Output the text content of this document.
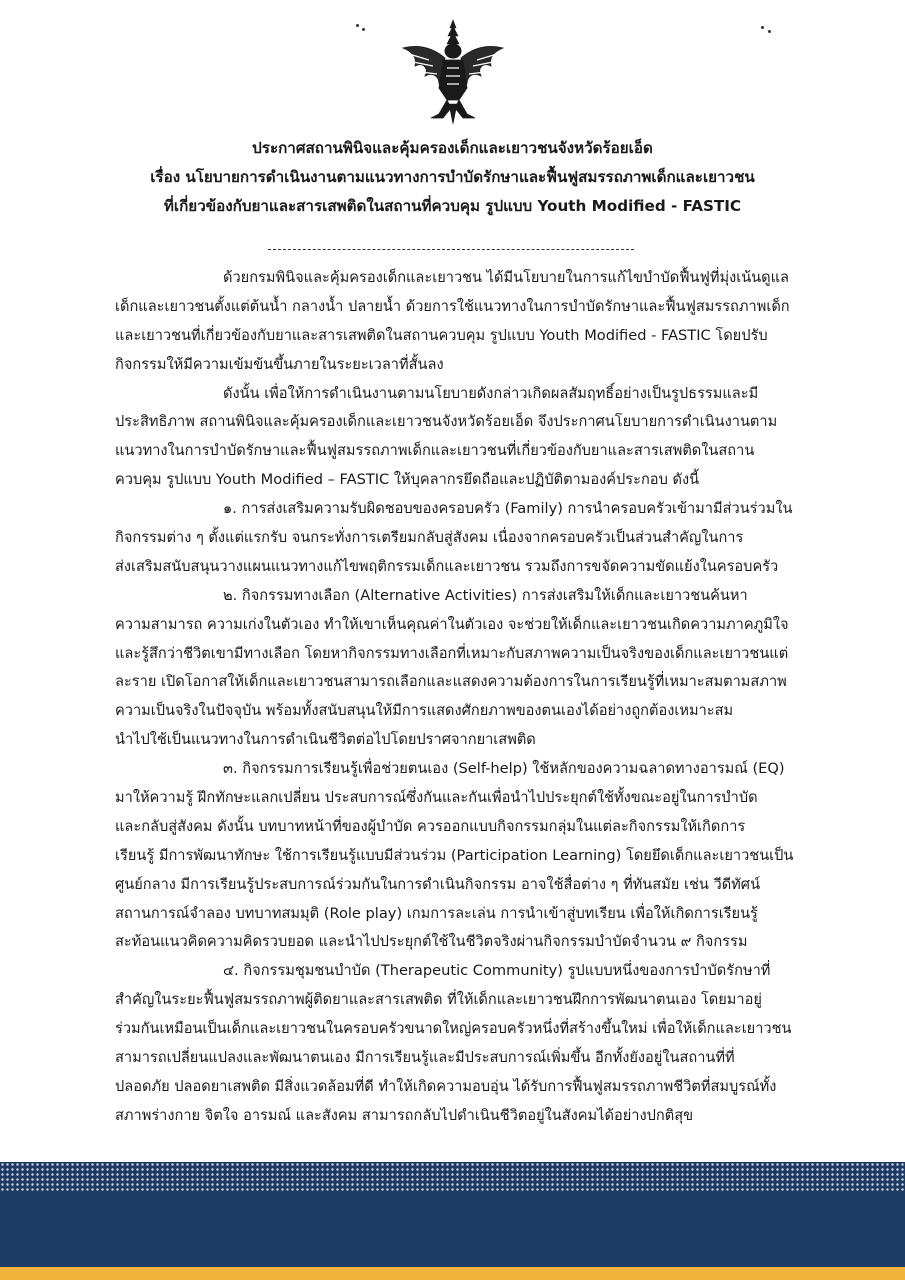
ประกาศสถานพินิจและคุ้มครองเด็กและเยาวชนจังหวัดร้อยเอ็ด
เรื่อง นโยบายการดำเนินงานตามแนวทางการบำบัดรักษาและฟื้นฟูสมรรถภาพเด็กและเยาวชน
ที่เกี่ยวข้องกับยาและสารเสพติดในสถานที่ควบคุม รูปแบบ Youth Modified - FASTIC
ด้วยกรมพินิจและคุ้มครองเด็กและเยาวชน ได้มีนโยบายในการแก้ไขบำบัดฟื้นฟูที่มุ่งเน้นดูแล
เด็กและเยาวชนตั้งแต่ต้นน้ำ กลางน้ำ ปลายน้ำ ด้วยการใช้แนวทางในการบำบัดรักษาและฟื้นฟูสมรรถภาพเด็ก
และเยาวชนที่เกี่ยวข้องกับยาและสารเสพติดในสถานควบคุม รูปแบบ Youth Modified - FASTIC โดยปรับ
กิจกรรมให้มีความเข้มข้นขึ้นภายในระยะเวลาที่สั้นลง
ดังนั้น เพื่อให้การดำเนินงานตามนโยบายดังกล่าวเกิดผลสัมฤทธิ์อย่างเป็นรูปธรรมและมี
ประสิทธิภาพ สถานพินิจและคุ้มครองเด็กและเยาวชนจังหวัดร้อยเอ็ด จึงประกาศนโยบายการดำเนินงานตาม
แนวทางในการบำบัดรักษาและฟื้นฟูสมรรถภาพเด็กและเยาวชนที่เกี่ยวข้องกับยาและสารเสพติดในสถาน
ควบคุม รูปแบบ Youth Modified – FASTIC ให้บุคลากรยึดถือและปฏิบัติตามองค์ประกอบ ดังนี้
๑. การส่งเสริมความรับผิดชอบของครอบครัว (Family) การนำครอบครัวเข้ามามีส่วนร่วมใน
กิจกรรมต่าง ๆ ตั้งแต่แรกรับ จนกระทั่งการเตรียมกลับสู่สังคม เนื่องจากครอบครัวเป็นส่วนสำคัญในการ
ส่งเสริมสนับสนุนวางแผนแนวทางแก้ไขพฤติกรรมเด็กและเยาวชน รวมถึงการขจัดความขัดแย้งในครอบครัว
๒. กิจกรรมทางเลือก (Alternative Activities) การส่งเสริมให้เด็กและเยาวชนค้นหา
ความสามารถ ความเก่งในตัวเอง ทำให้เขาเห็นคุณค่าในตัวเอง จะช่วยให้เด็กและเยาวชนเกิดความภาคภูมิใจ
และรู้สึกว่าชีวิตเขามีทางเลือก โดยหากิจกรรมทางเลือกที่เหมาะกับสภาพความเป็นจริงของเด็กและเยาวชนแต่
ละราย เปิดโอกาสให้เด็กและเยาวชนสามารถเลือกและแสดงความต้องการในการเรียนรู้ที่เหมาะสมตามสภาพ
ความเป็นจริงในปัจจุบัน พร้อมทั้งสนับสนุนให้มีการแสดงศักยภาพของตนเองได้อย่างถูกต้องเหมาะสม
นำไปใช้เป็นแนวทางในการดำเนินชีวิตต่อไปโดยปราศจากยาเสพติด
๓. กิจกรรมการเรียนรู้เพื่อช่วยตนเอง (Self-help) ใช้หลักของความฉลาดทางอารมณ์ (EQ)
มาให้ความรู้ ฝึกทักษะแลกเปลี่ยน ประสบการณ์ซึ่งกันและกันเพื่อนำไปประยุกต์ใช้ทั้งขณะอยู่ในการบำบัด
และกลับสู่สังคม ดังนั้น บทบาทหน้าที่ของผู้บำบัด ควรออกแบบกิจกรรมกลุ่มในแต่ละกิจกรรมให้เกิดการ
เรียนรู้ มีการพัฒนาทักษะ ใช้การเรียนรู้แบบมีส่วนร่วม (Participation Learning) โดยยึดเด็กและเยาวชนเป็น
ศูนย์กลาง มีการเรียนรู้ประสบการณ์ร่วมกันในการดำเนินกิจกรรม อาจใช้สื่อต่าง ๆ ที่ทันสมัย เช่น วีดีทัศน์
สถานการณ์จำลอง บทบาทสมมุติ (Role play) เกมการละเล่น การนำเข้าสู่บทเรียน เพื่อให้เกิดการเรียนรู้
สะท้อนแนวคิดความคิดรวบยอด และนำไปประยุกต์ใช้ในชีวิตจริงผ่านกิจกรรมบำบัดจำนวน ๙ กิจกรรม
๔. กิจกรรมชุมชนบำบัด (Therapeutic Community) รูปแบบหนึ่งของการบำบัดรักษาที่
สำคัญในระยะฟื้นฟูสมรรถภาพผู้ติดยาและสารเสพติด ที่ให้เด็กและเยาวชนฝึกการพัฒนาตนเอง โดยมาอยู่
ร่วมกันเหมือนเป็นเด็กและเยาวชนในครอบครัวขนาดใหญ่ครอบครัวหนึ่งที่สร้างขึ้นใหม่ เพื่อให้เด็กและเยาวชน
สามารถเปลี่ยนแปลงและพัฒนาตนเอง มีการเรียนรู้และมีประสบการณ์เพิ่มขึ้น อีกทั้งยังอยู่ในสถานที่ที่
ปลอดภัย ปลอดยาเสพติด มีสิ่งแวดล้อมที่ดี ทำให้เกิดความอบอุ่น ได้รับการฟื้นฟูสมรรถภาพชีวิตที่สมบูรณ์ทั้ง
สภาพร่างกาย จิตใจ อารมณ์ และสังคม สามารถกลับไปดำเนินชีวิตอยู่ในสังคมได้อย่างปกติสุข
